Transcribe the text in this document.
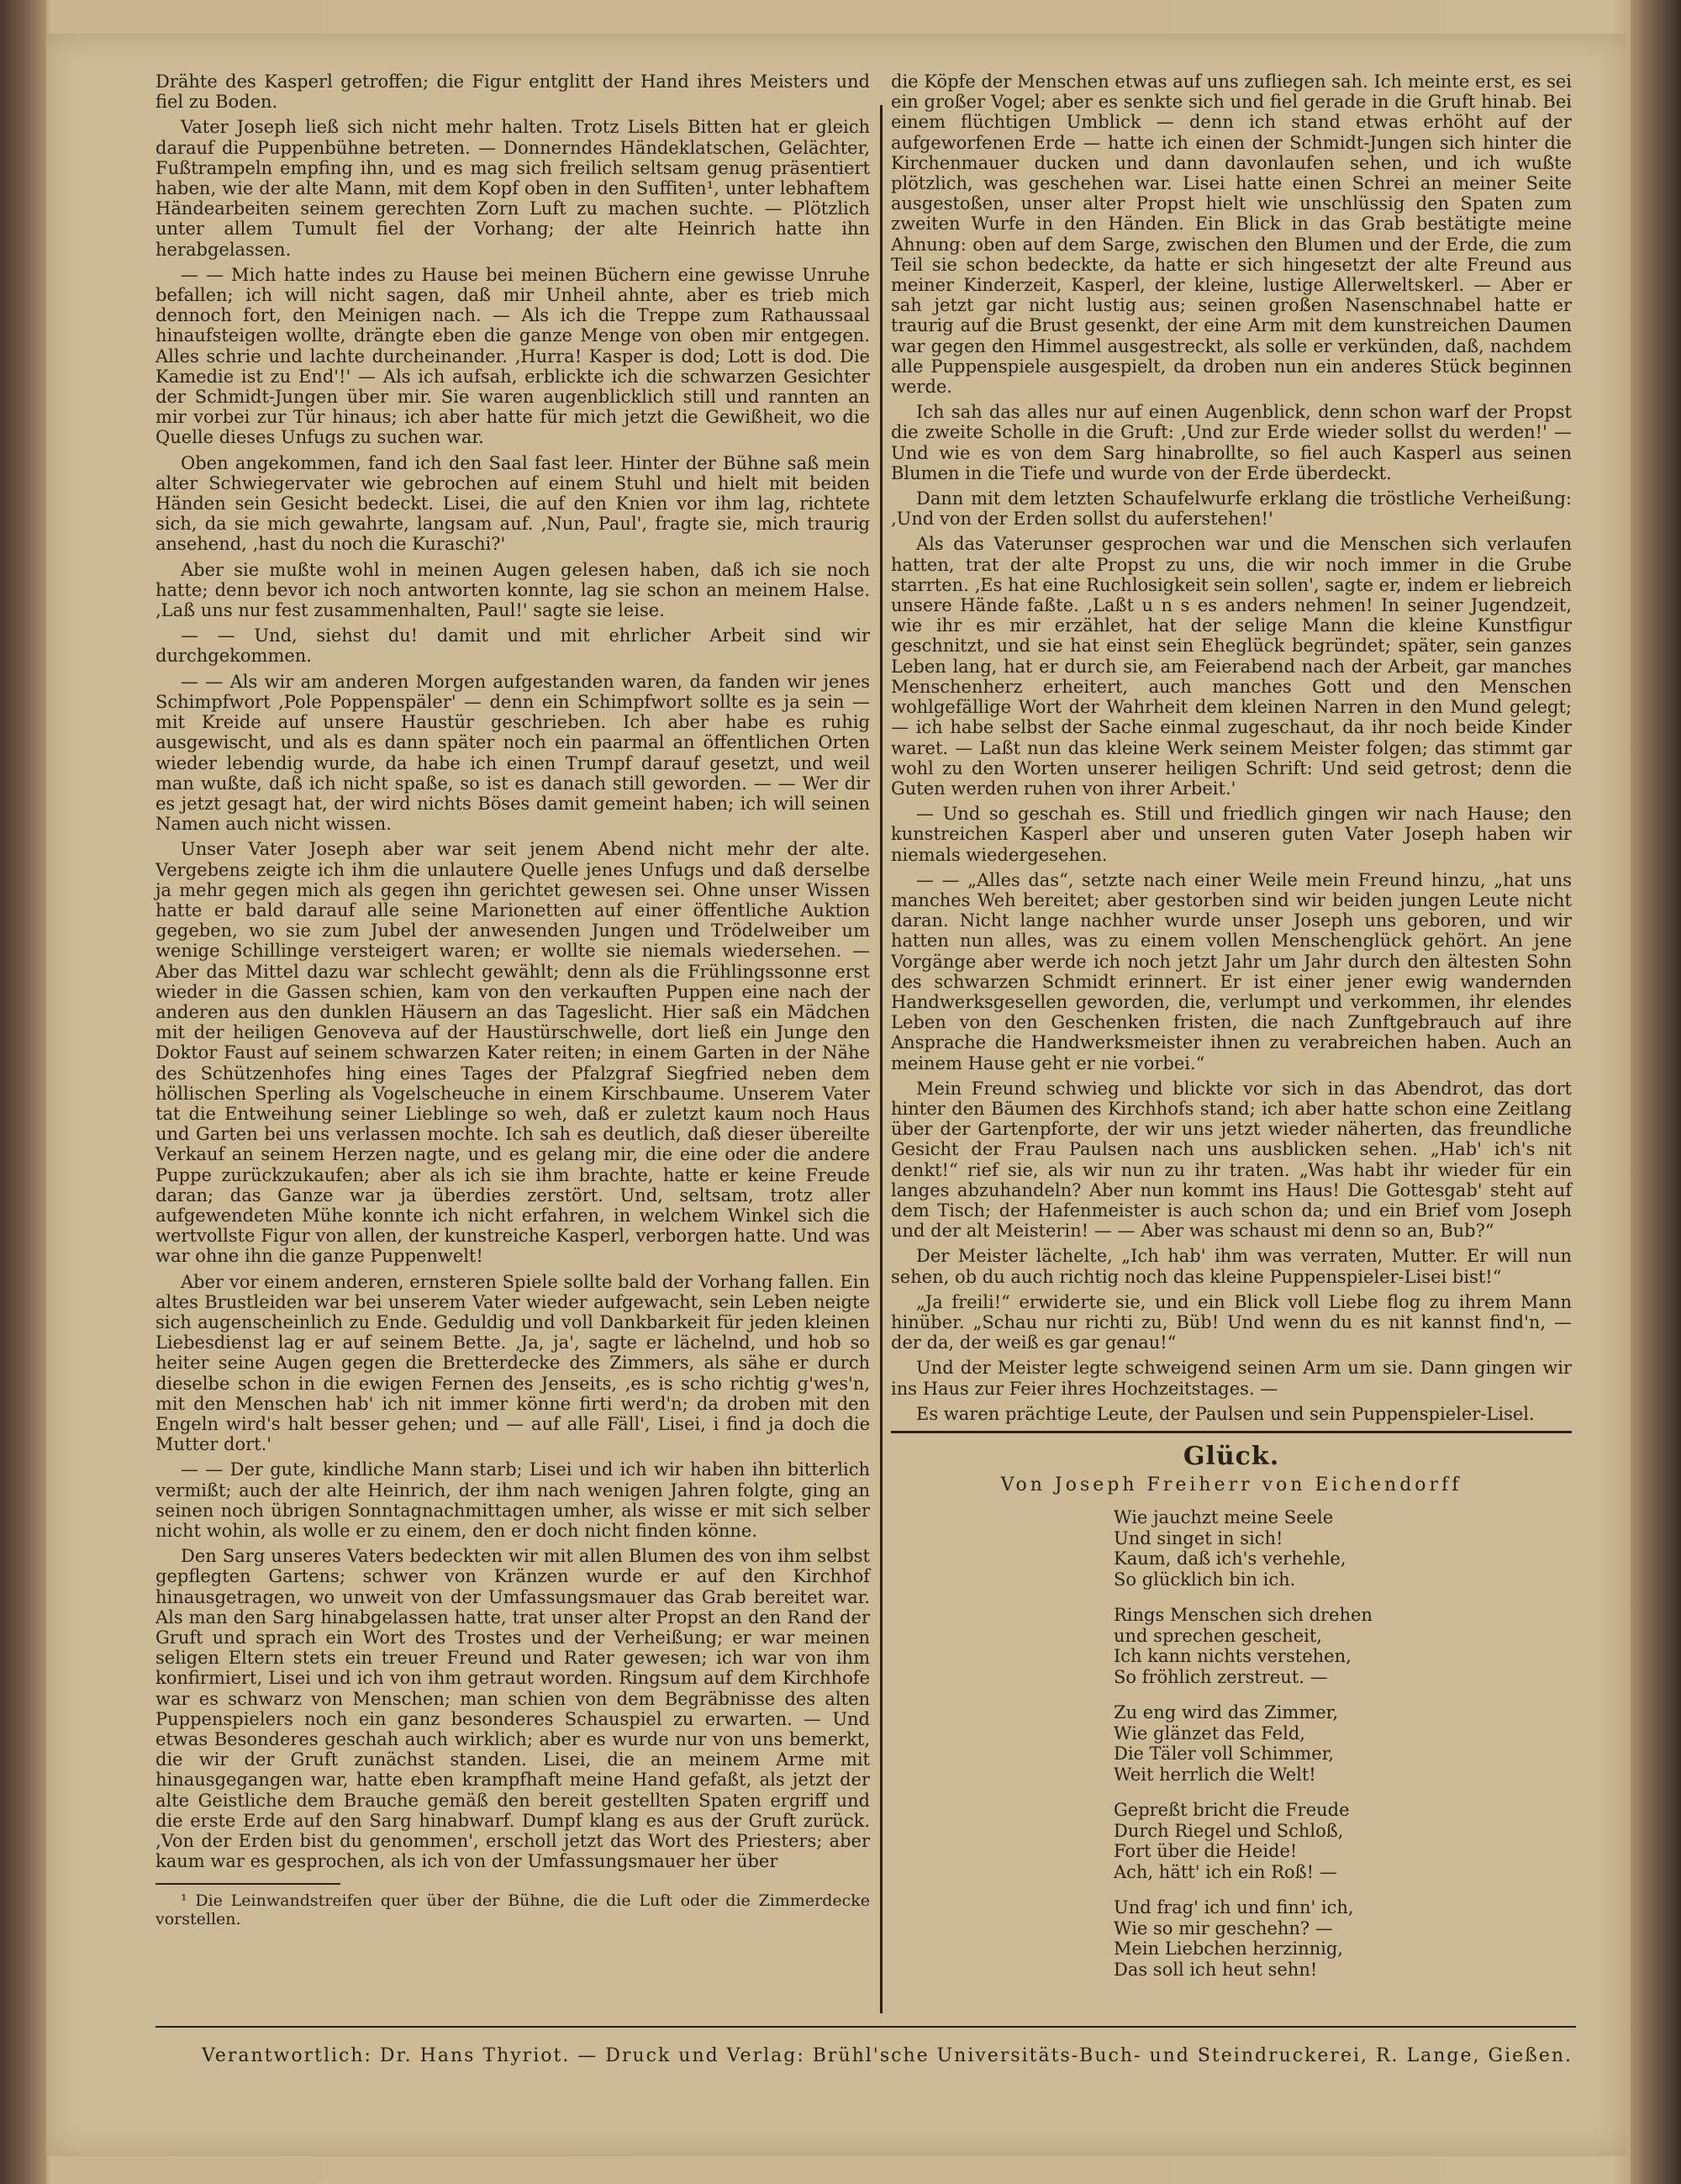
Drähte des Kasperl getroffen; die Figur entglitt der Hand ihres Meisters und fiel zu Boden.

Vater Joseph ließ sich nicht mehr halten. Trotz Lisels Bitten hat er gleich darauf die Puppenbühne betreten. — Donnerndes Händeklatschen, Gelächter, Fußtrampeln empfing ihn, und es mag sich freilich seltsam genug präsentiert haben, wie der alte Mann, mit dem Kopf oben in den Suffiten¹, unter lebhaftem Händearbeiten seinem gerechten Zorn Luft zu machen suchte. — Plötzlich unter allem Tumult fiel der Vorhang; der alte Heinrich hatte ihn herabgelassen.

— — Mich hatte indes zu Hause bei meinen Büchern eine gewisse Unruhe befallen; ich will nicht sagen, daß mir Unheil ahnte, aber es trieb mich dennoch fort, den Meinigen nach. — Als ich die Treppe zum Rathaussaal hinaufsteigen wollte, drängte eben die ganze Menge von oben mir entgegen. Alles schrie und lachte durcheinander. ‚Hurra! Kasper is dod; Lott is dod. Die Kamedie ist zu End'!' — Als ich aufsah, erblickte ich die schwarzen Gesichter der Schmidt-Jungen über mir. Sie waren augenblicklich still und rannten an mir vorbei zur Tür hinaus; ich aber hatte für mich jetzt die Gewißheit, wo die Quelle dieses Unfugs zu suchen war.

Oben angekommen, fand ich den Saal fast leer. Hinter der Bühne saß mein alter Schwiegervater wie gebrochen auf einem Stuhl und hielt mit beiden Händen sein Gesicht bedeckt. Lisei, die auf den Knien vor ihm lag, richtete sich, da sie mich gewahrte, langsam auf. ‚Nun, Paul', fragte sie, mich traurig ansehend, ‚hast du noch die Kuraschi?'

Aber sie mußte wohl in meinen Augen gelesen haben, daß ich sie noch hatte; denn bevor ich noch antworten konnte, lag sie schon an meinem Halse. ‚Laß uns nur fest zusammenhalten, Paul!' sagte sie leise.

— — Und, siehst du! damit und mit ehrlicher Arbeit sind wir durchgekommen.

— — Als wir am anderen Morgen aufgestanden waren, da fanden wir jenes Schimpfwort ‚Pole Poppenspäler' — denn ein Schimpfwort sollte es ja sein — mit Kreide auf unsere Haustür geschrieben. Ich aber habe es ruhig ausgewischt, und als es dann später noch ein paarmal an öffentlichen Orten wieder lebendig wurde, da habe ich einen Trumpf darauf gesetzt, und weil man wußte, daß ich nicht spaße, so ist es danach still geworden. — — Wer dir es jetzt gesagt hat, der wird nichts Böses damit gemeint haben; ich will seinen Namen auch nicht wissen.

Unser Vater Joseph aber war seit jenem Abend nicht mehr der alte. Vergebens zeigte ich ihm die unlautere Quelle jenes Unfugs und daß derselbe ja mehr gegen mich als gegen ihn gerichtet gewesen sei. Ohne unser Wissen hatte er bald darauf alle seine Marionetten auf einer öffentliche Auktion gegeben, wo sie zum Jubel der anwesenden Jungen und Trödelweiber um wenige Schillinge versteigert waren; er wollte sie niemals wiedersehen. — Aber das Mittel dazu war schlecht gewählt; denn als die Frühlingssonne erst wieder in die Gassen schien, kam von den verkauften Puppen eine nach der anderen aus den dunklen Häusern an das Tageslicht. Hier saß ein Mädchen mit der heiligen Genoveva auf der Haustürschwelle, dort ließ ein Junge den Doktor Faust auf seinem schwarzen Kater reiten; in einem Garten in der Nähe des Schützenhofes hing eines Tages der Pfalzgraf Siegfried neben dem höllischen Sperling als Vogelscheuche in einem Kirschbaume. Unserem Vater tat die Entweihung seiner Lieblinge so weh, daß er zuletzt kaum noch Haus und Garten bei uns verlassen mochte. Ich sah es deutlich, daß dieser übereilte Verkauf an seinem Herzen nagte, und es gelang mir, die eine oder die andere Puppe zurückzukaufen; aber als ich sie ihm brachte, hatte er keine Freude daran; das Ganze war ja überdies zerstört. Und, seltsam, trotz aller aufgewendeten Mühe konnte ich nicht erfahren, in welchem Winkel sich die wertvollste Figur von allen, der kunstreiche Kasperl, verborgen hatte. Und was war ohne ihn die ganze Puppenwelt!

Aber vor einem anderen, ernsteren Spiele sollte bald der Vorhang fallen. Ein altes Brustleiden war bei unserem Vater wieder aufgewacht, sein Leben neigte sich augenscheinlich zu Ende. Geduldig und voll Dankbarkeit für jeden kleinen Liebesdienst lag er auf seinem Bette. ‚Ja, ja', sagte er lächelnd, und hob so heiter seine Augen gegen die Bretterdecke des Zimmers, als sähe er durch dieselbe schon in die ewigen Fernen des Jenseits, ‚es is scho richtig g'wes'n, mit den Menschen hab' ich nit immer könne firti werd'n; da droben mit den Engeln wird's halt besser gehen; und — auf alle Fäll', Lisei, i find ja doch die Mutter dort.'

— — Der gute, kindliche Mann starb; Lisei und ich wir haben ihn bitterlich vermißt; auch der alte Heinrich, der ihm nach wenigen Jahren folgte, ging an seinen noch übrigen Sonntagnachmittagen umher, als wisse er mit sich selber nicht wohin, als wolle er zu einem, den er doch nicht finden könne.

Den Sarg unseres Vaters bedeckten wir mit allen Blumen des von ihm selbst gepflegten Gartens; schwer von Kränzen wurde er auf den Kirchhof hinausgetragen, wo unweit von der Umfassungsmauer das Grab bereitet war. Als man den Sarg hinabgelassen hatte, trat unser alter Propst an den Rand der Gruft und sprach ein Wort des Trostes und der Verheißung; er war meinen seligen Eltern stets ein treuer Freund und Rater gewesen; ich war von ihm konfirmiert, Lisei und ich von ihm getraut worden. Ringsum auf dem Kirchhofe war es schwarz von Menschen; man schien von dem Begräbnisse des alten Puppenspielers noch ein ganz besonderes Schauspiel zu erwarten. — Und etwas Besonderes geschah auch wirklich; aber es wurde nur von uns bemerkt, die wir der Gruft zunächst standen. Lisei, die an meinem Arme mit hinausgegangen war, hatte eben krampfhaft meine Hand gefaßt, als jetzt der alte Geistliche dem Brauche gemäß den bereit gestellten Spaten ergriff und die erste Erde auf den Sarg hinabwarf. Dumpf klang es aus der Gruft zurück. ‚Von der Erden bist du genommen', erscholl jetzt das Wort des Priesters; aber kaum war es gesprochen, als ich von der Umfassungsmauer her über

¹ Die Leinwandstreifen quer über der Bühne, die die Luft oder die Zimmerdecke vorstellen.

die Köpfe der Menschen etwas auf uns zufliegen sah. Ich meinte erst, es sei ein großer Vogel; aber es senkte sich und fiel gerade in die Gruft hinab. Bei einem flüchtigen Umblick — denn ich stand etwas erhöht auf der aufgeworfenen Erde — hatte ich einen der Schmidt-Jungen sich hinter die Kirchenmauer ducken und dann davonlaufen sehen, und ich wußte plötzlich, was geschehen war. Lisei hatte einen Schrei an meiner Seite ausgestoßen, unser alter Propst hielt wie unschlüssig den Spaten zum zweiten Wurfe in den Händen. Ein Blick in das Grab bestätigte meine Ahnung: oben auf dem Sarge, zwischen den Blumen und der Erde, die zum Teil sie schon bedeckte, da hatte er sich hingesetzt der alte Freund aus meiner Kinderzeit, Kasperl, der kleine, lustige Allerweltskerl. — Aber er sah jetzt gar nicht lustig aus; seinen großen Nasenschnabel hatte er traurig auf die Brust gesenkt, der eine Arm mit dem kunstreichen Daumen war gegen den Himmel ausgestreckt, als solle er verkünden, daß, nachdem alle Puppenspiele ausgespielt, da droben nun ein anderes Stück beginnen werde.

Ich sah das alles nur auf einen Augenblick, denn schon warf der Propst die zweite Scholle in die Gruft: ‚Und zur Erde wieder sollst du werden!' — Und wie es von dem Sarg hinabrollte, so fiel auch Kasperl aus seinen Blumen in die Tiefe und wurde von der Erde überdeckt.

Dann mit dem letzten Schaufelwurfe erklang die tröstliche Verheißung: ‚Und von der Erden sollst du auferstehen!'

Als das Vaterunser gesprochen war und die Menschen sich verlaufen hatten, trat der alte Propst zu uns, die wir noch immer in die Grube starrten. ‚Es hat eine Ruchlosigkeit sein sollen', sagte er, indem er liebreich unsere Hände faßte. ‚Laßt u n s es anders nehmen! In seiner Jugendzeit, wie ihr es mir erzählet, hat der selige Mann die kleine Kunstfigur geschnitzt, und sie hat einst sein Eheglück begründet; später, sein ganzes Leben lang, hat er durch sie, am Feierabend nach der Arbeit, gar manches Menschenherz erheitert, auch manches Gott und den Menschen wohlgefällige Wort der Wahrheit dem kleinen Narren in den Mund gelegt; — ich habe selbst der Sache einmal zugeschaut, da ihr noch beide Kinder waret. — Laßt nun das kleine Werk seinem Meister folgen; das stimmt gar wohl zu den Worten unserer heiligen Schrift: Und seid getrost; denn die Guten werden ruhen von ihrer Arbeit.'

— Und so geschah es. Still und friedlich gingen wir nach Hause; den kunstreichen Kasperl aber und unseren guten Vater Joseph haben wir niemals wiedergesehen.

— — „Alles das“, setzte nach einer Weile mein Freund hinzu, „hat uns manches Weh bereitet; aber gestorben sind wir beiden jungen Leute nicht daran. Nicht lange nachher wurde unser Joseph uns geboren, und wir hatten nun alles, was zu einem vollen Menschenglück gehört. An jene Vorgänge aber werde ich noch jetzt Jahr um Jahr durch den ältesten Sohn des schwarzen Schmidt erinnert. Er ist einer jener ewig wandernden Handwerksgesellen geworden, die, verlumpt und verkommen, ihr elendes Leben von den Geschenken fristen, die nach Zunftgebrauch auf ihre Ansprache die Handwerksmeister ihnen zu verabreichen haben. Auch an meinem Hause geht er nie vorbei.“

Mein Freund schwieg und blickte vor sich in das Abendrot, das dort hinter den Bäumen des Kirchhofs stand; ich aber hatte schon eine Zeitlang über der Gartenpforte, der wir uns jetzt wieder näherten, das freundliche Gesicht der Frau Paulsen nach uns ausblicken sehen. „Hab' ich's nit denkt!“ rief sie, als wir nun zu ihr traten. „Was habt ihr wieder für ein langes abzuhandeln? Aber nun kommt ins Haus! Die Gottesgab' steht auf dem Tisch; der Hafenmeister is auch schon da; und ein Brief vom Joseph und der alt Meisterin! — — Aber was schaust mi denn so an, Bub?“

Der Meister lächelte, „Ich hab' ihm was verraten, Mutter. Er will nun sehen, ob du auch richtig noch das kleine Puppenspieler-Lisei bist!“

„Ja freili!“ erwiderte sie, und ein Blick voll Liebe flog zu ihrem Mann hinüber. „Schau nur richti zu, Büb! Und wenn du es nit kannst find'n, — der da, der weiß es gar genau!“

Und der Meister legte schweigend seinen Arm um sie. Dann gingen wir ins Haus zur Feier ihres Hochzeitstages. —

Es waren prächtige Leute, der Paulsen und sein Puppenspieler-Lisel.

Glück.
Von Joseph Freiherr von Eichendorff
Wie jauchzt meine Seele
Und singet in sich!
Kaum, daß ich's verhehle,
So glücklich bin ich.
Rings Menschen sich drehen
und sprechen gescheit,
Ich kann nichts verstehen,
So fröhlich zerstreut. —
Zu eng wird das Zimmer,
Wie glänzet das Feld,
Die Täler voll Schimmer,
Weit herrlich die Welt!
Gepreßt bricht die Freude
Durch Riegel und Schloß,
Fort über die Heide!
Ach, hätt' ich ein Roß! —
Und frag' ich und finn' ich,
Wie so mir geschehn? —
Mein Liebchen herzinnig,
Das soll ich heut sehn!
Verantwortlich: Dr. Hans Thyriot. — Druck und Verlag: Brühl'sche Universitäts-Buch- und Steindruckerei, R. Lange, Gießen.
